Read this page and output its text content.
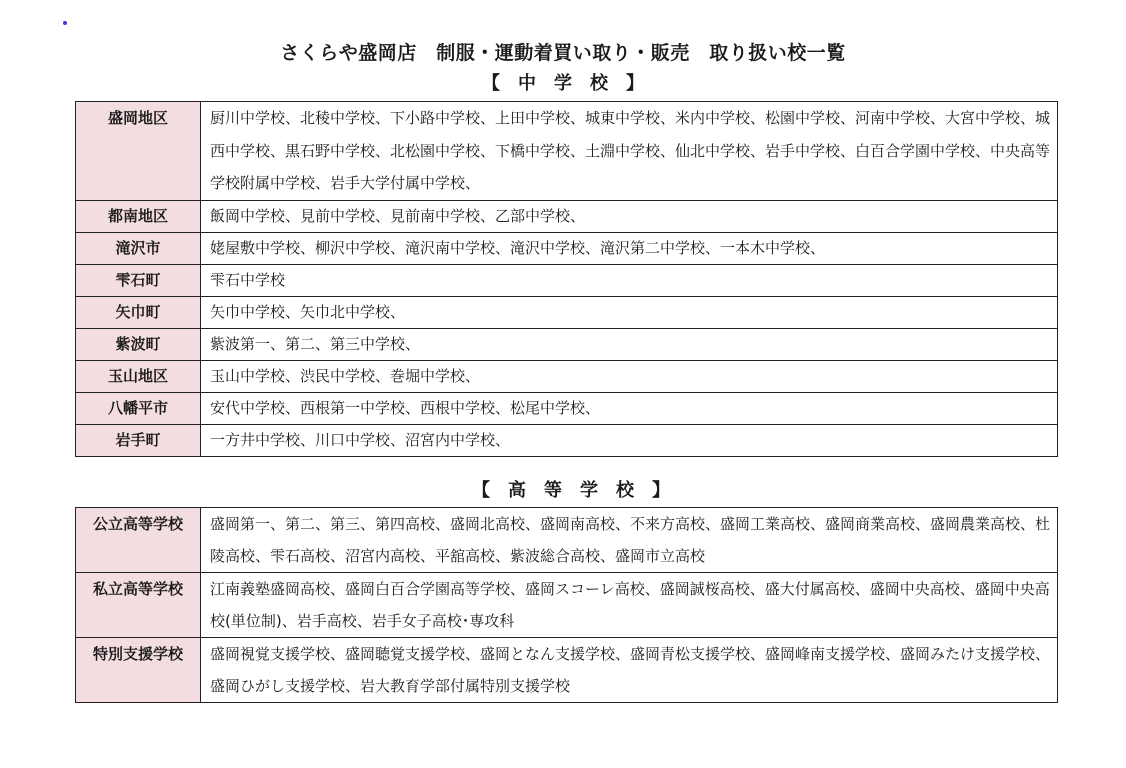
さくらや盛岡店　制服・運動着買い取り・販売　取り扱い校一覧
【　中　学　校　】
盛岡地区	厨川中学校、北稜中学校、下小路中学校、上田中学校、城東中学校、米内中学校、松園中学校、河南中学校、大宮中学校、城西中学校、黒石野中学校、北松園中学校、下橋中学校、土淵中学校、仙北中学校、岩手中学校、白百合学園中学校、中央高等学校附属中学校、岩手大学付属中学校、
都南地区	飯岡中学校、見前中学校、見前南中学校、乙部中学校、
滝沢市	姥屋敷中学校、柳沢中学校、滝沢南中学校、滝沢中学校、滝沢第二中学校、一本木中学校、
雫石町	雫石中学校
矢巾町	矢巾中学校、矢巾北中学校、
紫波町	紫波第一、第二、第三中学校、
玉山地区	玉山中学校、渋民中学校、巻堀中学校、
八幡平市	安代中学校、西根第一中学校、西根中学校、松尾中学校、
岩手町	一方井中学校、川口中学校、沼宮内中学校、
【　高　等　学　校　】
公立高等学校	盛岡第一、第二、第三、第四高校、盛岡北高校、盛岡南高校、不来方高校、盛岡工業高校、盛岡商業高校、盛岡農業高校、杜陵高校、雫石高校、沼宮内高校、平舘高校、紫波総合高校、盛岡市立高校
私立高等学校	江南義塾盛岡高校、盛岡白百合学園高等学校、盛岡スコーレ高校、盛岡誠桜高校、盛大付属高校、盛岡中央高校、盛岡中央高校(単位制)、岩手高校、岩手女子高校･専攻科
特別支援学校	盛岡視覚支援学校、盛岡聴覚支援学校、盛岡となん支援学校、盛岡青松支援学校、盛岡峰南支援学校、盛岡みたけ支援学校、盛岡ひがし支援学校、岩大教育学部付属特別支援学校
